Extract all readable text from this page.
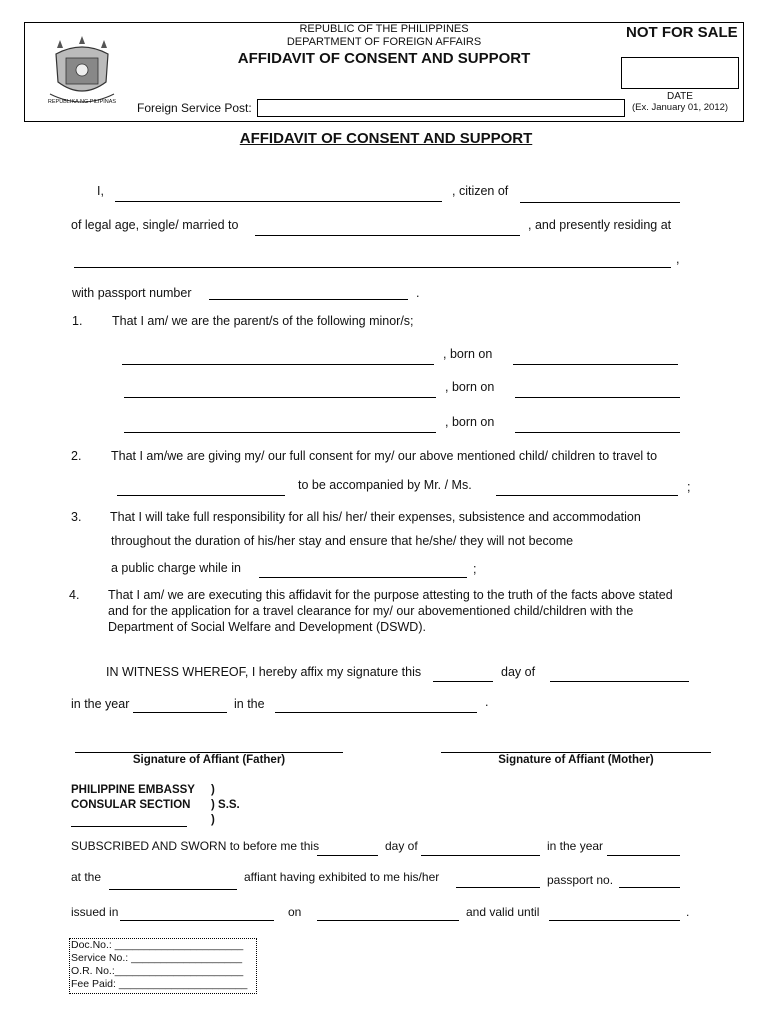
REPUBLIKA NG PILIPINAS
REPUBLIC OF THE PHILIPPINES
DEPARTMENT OF FOREIGN AFFAIRS
AFFIDAVIT OF CONSENT AND SUPPORT
NOT FOR SALE
DATE
(Ex. January 01, 2012)
Foreign Service Post:
AFFIDAVIT OF CONSENT AND SUPPORT
I,	, citizen of
of legal age, single/ married to	, and presently residing at
,
with passport number	.
1. That I am/ we are the parent/s of the following minor/s;
, born on
, born on
, born on
2. That I am/we are giving my/ our full consent for my/ our above mentioned child/ children to travel to
to be accompanied by Mr. / Ms.	;
3. That I will take full responsibility for all his/ her/ their expenses, subsistence and accommodation
throughout the duration of his/her stay and ensure that he/she/ they will not become
a public charge while in	;
4. That I am/ we are executing this affidavit for the purpose attesting to the truth of the facts above stated
and for the application for a travel clearance for my/ our abovementioned child/children with the
Department of Social Welfare and Development (DSWD).
IN WITNESS WHEREOF, I hereby affix my signature this	day of
in the year	in the	.
Signature of Affiant (Father)	Signature of Affiant (Mother)
PHILIPPINE EMBASSY )
CONSULAR SECTION ) S.S.
)
SUBSCRIBED AND SWORN to before me this	day of	in the year
at the	affiant having exhibited to me his/her	passport no.
issued in	on	and valid until	.
Doc.No.: ______________________
Service No.: ___________________
O.R. No.:______________________
Fee Paid: ______________________
